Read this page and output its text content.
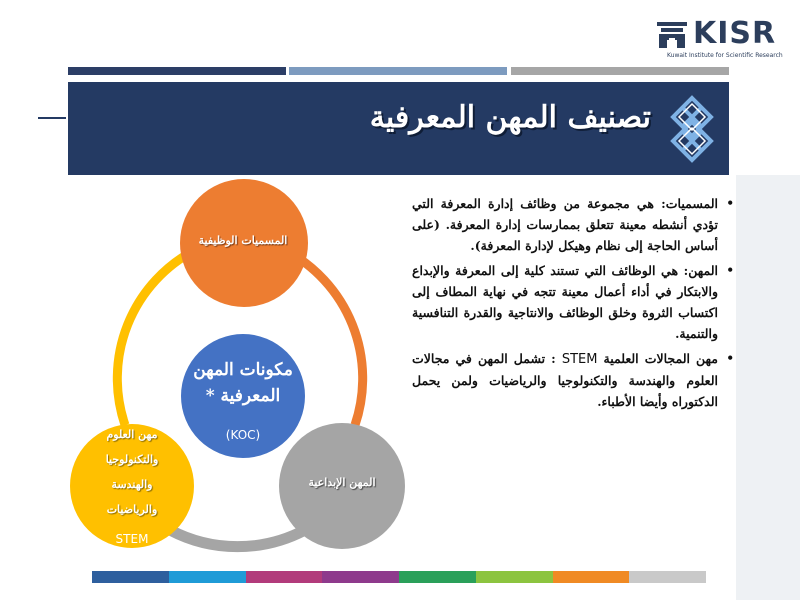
KISR
Kuwait Institute for Scientific Research
تصنيف المهن المعرفية
•
المسميات: هي مجموعة من وظائف إدارة المعرفة التي تؤدي أنشطه معينة تتعلق بممارسات إدارة المعرفة. (على أساس الحاجة إلى نظام وهيكل لإدارة المعرفة).
•
المهن: هي الوظائف التي تستند كلية إلى المعرفة والإبداع والابتكار في أداء أعمال معينة تتجه في نهاية المطاف إلى اكتساب الثروة وخلق الوظائف والانتاجية والقدرة التنافسية والتنمية.
•
مهن المجالات العلمية STEM : تشمل المهن في مجالات العلوم والهندسة والتكنولوجيا والرياضيات ولمن يحمل الدكتوراه وأيضا الأطباء.
المسميات الوظيفية
مكونات المهن
المعرفية *
(KOC)
المهن الإبداعية
مهن العلوم
والتكنولوجيا
والهندسة
والرياضيات
STEM
